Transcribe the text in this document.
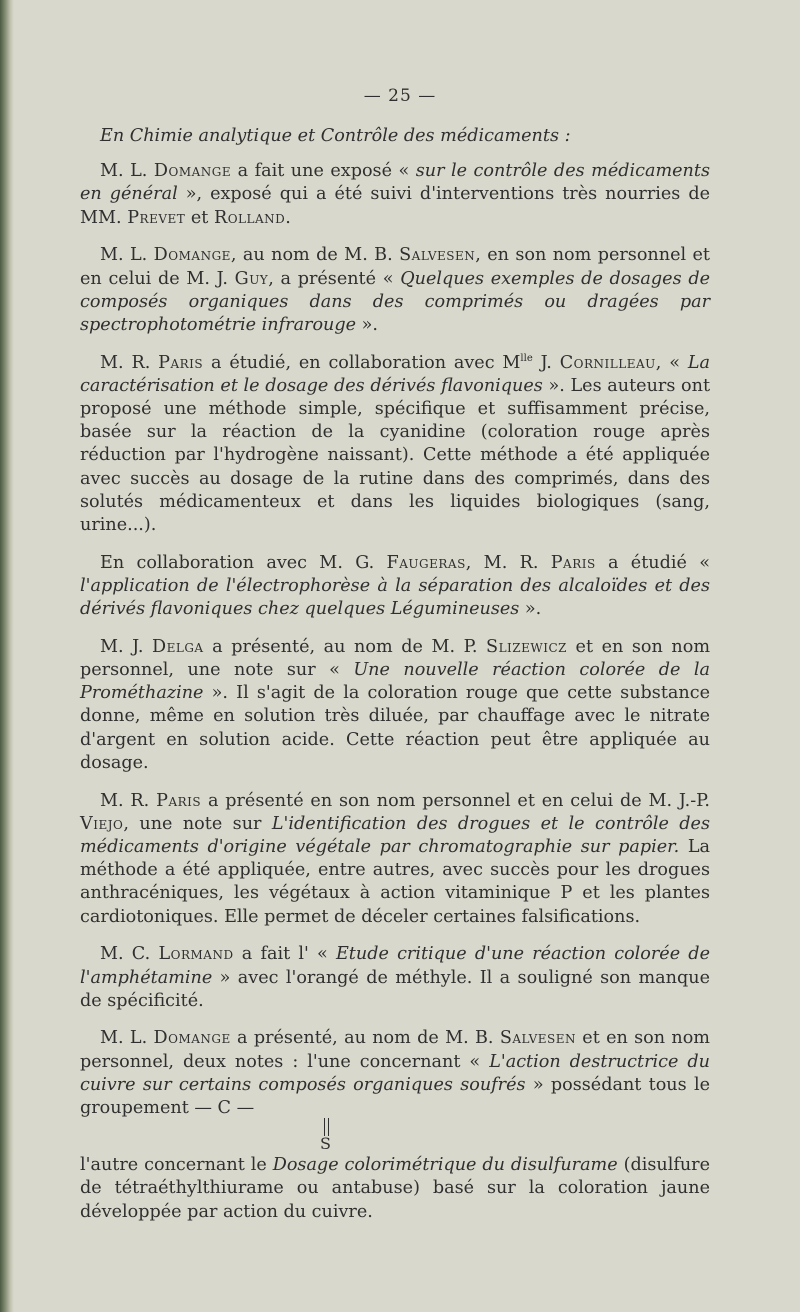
— 25 —

En Chimie analytique et Contrôle des médicaments :

M. L. Domange a fait une exposé « sur le contrôle des médicaments en général », exposé qui a été suivi d'interventions très nourries de MM. Prevet et Rolland.

M. L. Domange, au nom de M. B. Salvesen, en son nom personnel et en celui de M. J. Guy, a présenté « Quelques exemples de dosages de composés organiques dans des comprimés ou dragées par spectrophotométrie infrarouge ».

M. R. Paris a étudié, en collaboration avec $M^{lle}$ J. Cornilleau, « La caractérisation et le dosage des dérivés flavoniques ». Les auteurs ont proposé une méthode simple, spécifique et suffisamment précise, basée sur la réaction de la cyanidine (coloration rouge après réduction par l'hydrogène naissant). Cette méthode a été appliquée avec succès au dosage de la rutine dans des comprimés, dans des solutés médicamenteux et dans les liquides biologiques (sang, urine...).

En collaboration avec M. G. Faugeras, M. R. Paris a étudié « l'application de l'électrophorèse à la séparation des alcaloïdes et des dérivés flavoniques chez quelques Légumineuses ».

M. J. Delga a présenté, au nom de M. P. Slizewicz et en son nom personnel, une note sur « Une nouvelle réaction colorée de la Prométhazine ». Il s'agit de la coloration rouge que cette substance donne, même en solution très diluée, par chauffage avec le nitrate d'argent en solution acide. Cette réaction peut être appliquée au dosage.

M. R. Paris a présenté en son nom personnel et en celui de M. J.-P. Viejo, une note sur L'identification des drogues et le contrôle des médicaments d'origine végétale par chromatographie sur papier. La méthode a été appliquée, entre autres, avec succès pour les drogues anthracéniques, les végétaux à action vitaminique P et les plantes cardiotoniques. Elle permet de déceler certaines falsifications.

M. C. Lormand a fait l' « Etude critique d'une réaction colorée de l'amphétamine » avec l'orangé de méthyle. Il a souligné son manque de spécificité.

M. L. Domange a présenté, au nom de M. B. Salvesen et en son nom personnel, deux notes : l'une concernant « L'action destructrice du cuivre sur certains composés organiques soufrés » possédant tous le groupement — C —

S

l'autre concernant le Dosage colorimétrique du disulfurame (disulfure de tétraéthylthiurame ou antabuse) basé sur la coloration jaune développée par action du cuivre.
